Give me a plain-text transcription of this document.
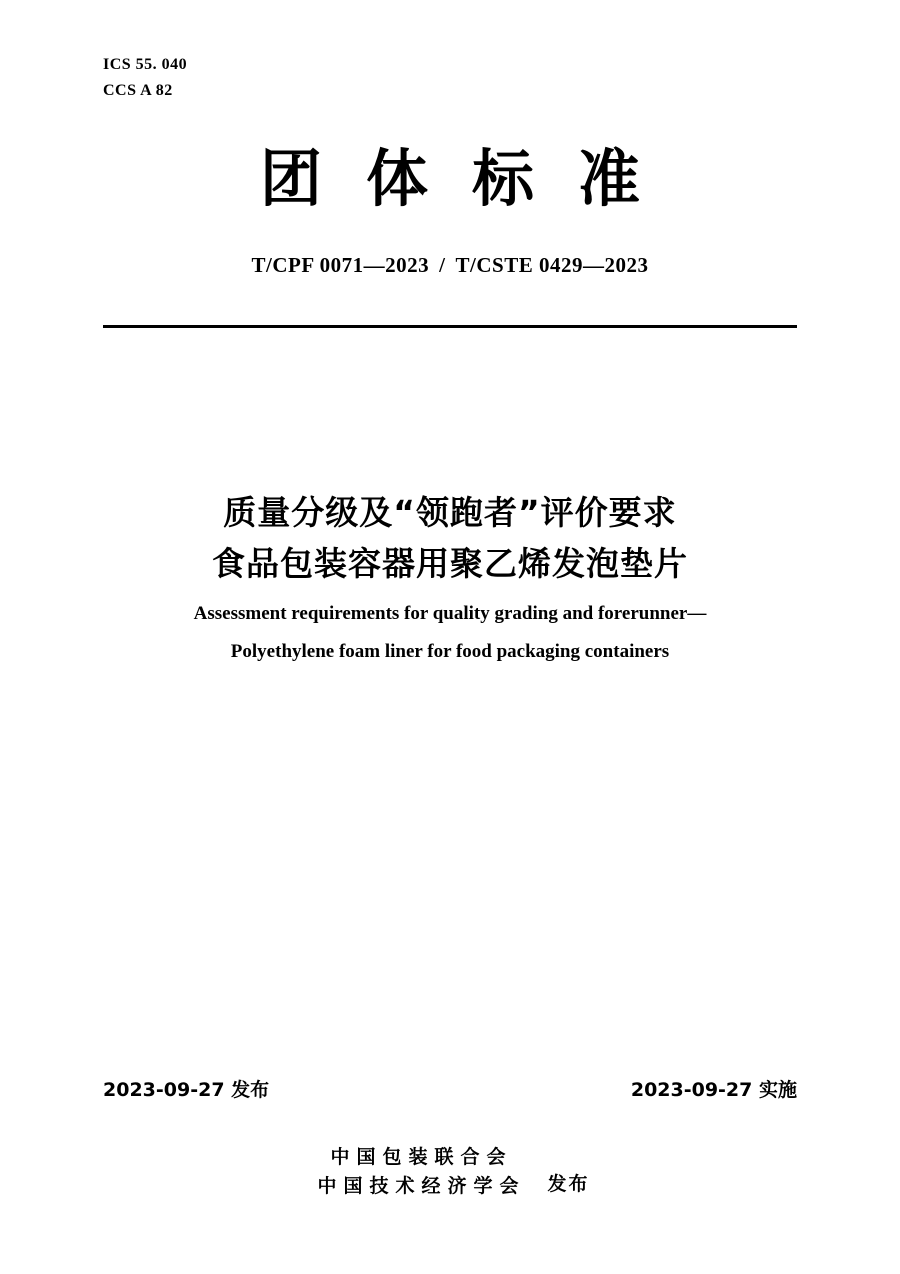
ICS 55. 040
CCS A 82
团体标准
T/CPF 0071—2023 / T/CSTE 0429—2023
质量分级及“领跑者”评价要求
食品包装容器用聚乙烯发泡垫片
Assessment requirements for quality grading and forerunner—
Polyethylene foam liner for food packaging containers
2023-09-27 发布	2023-09-27 实施
中国包装联合会
中国技术经济学会 发布
